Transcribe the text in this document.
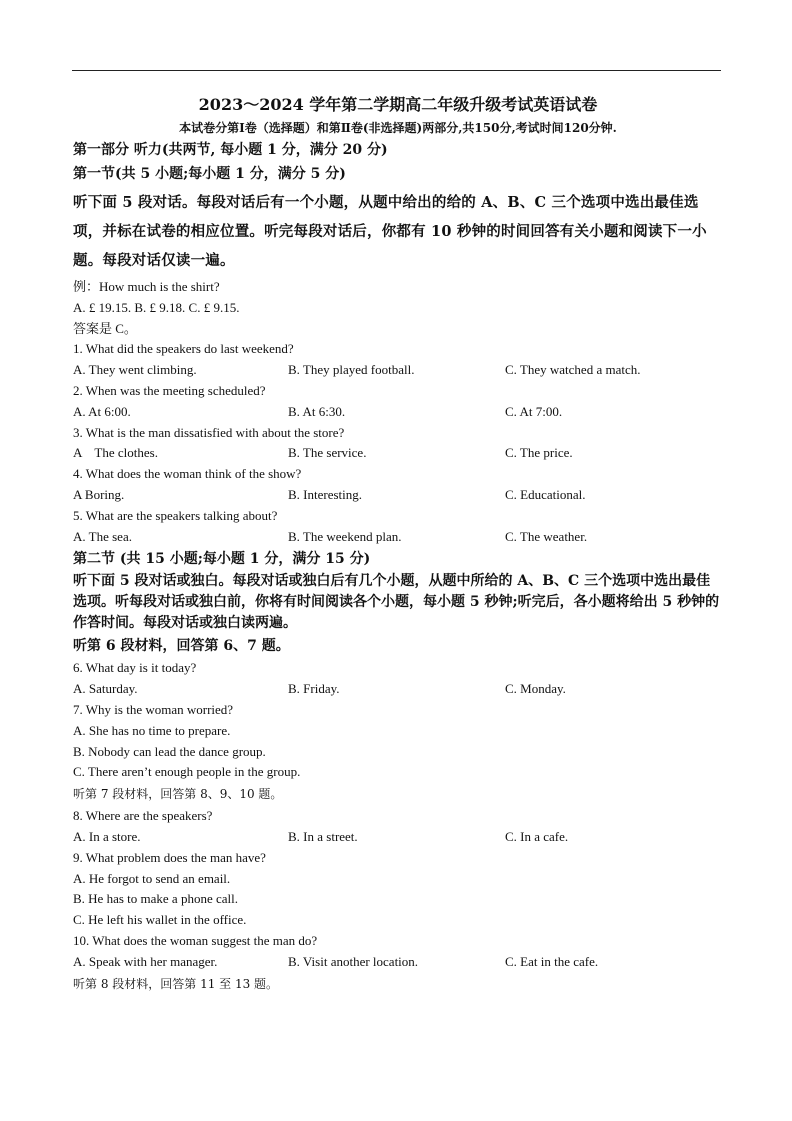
2023～2024 学年第二学期高二年级升级考试英语试卷

本试卷分第Ⅰ卷（选择题）和第Ⅱ卷(非选择题)两部分,共150分,考试时间120分钟.

第一部分 听力(共两节, 每小题 1 分，满分 20 分)

第一节(共 5 小题;每小题 1 分，满分 5 分)

听下面 5 段对话。每段对话后有一个小题，从题中给出的给的 A、B、C 三个选项中选出最佳选项，并标在试卷的相应位置。听完每段对话后，你都有 10 秒钟的时间回答有关小题和阅读下一小题。每段对话仅读一遍。

例：How much is the shirt?

A. £ 19.15. B. £ 9.18. C. £ 9.15.

答案是 C。

1. What did the speakers do last weekend?

A. They went climbing.	B. They played football.	C. They watched a match.

2. When was the meeting scheduled?

A. At 6:00.	B. At 6:30.	C. At 7:00.

3. What is the man dissatisfied with about the store?

A    The clothes.	B. The service.	C. The price.

4. What does the woman think of the show?

A Boring.	B. Interesting.	C. Educational.

5. What are the speakers talking about?

A. The sea.	B. The weekend plan.	C. The weather.

第二节 (共 15 小题;每小题 1 分，满分 15 分)

听下面 5 段对话或独白。每段对话或独白后有几个小题，从题中所给的 A、B、C 三个选项中选出最佳选项。听每段对话或独白前，你将有时间阅读各个小题，每小题 5 秒钟;听完后，各小题将给出 5 秒钟的作答时间。每段对话或独白读两遍。

听第 6 段材料，回答第 6、7 题。

6. What day is it today?

A. Saturday.	B. Friday.	C. Monday.

7. Why is the woman worried?

A. She has no time to prepare.

B. Nobody can lead the dance group.

C. There aren’t enough people in the group.

听第 7 段材料，回答第 8、9、10 题。

8. Where are the speakers?

A. In a store.	B. In a street.	C. In a cafe.

9. What problem does the man have?

A. He forgot to send an email.

B. He has to make a phone call.

C. He left his wallet in the office.

10. What does the woman suggest the man do?

A. Speak with her manager.	B. Visit another location.	C. Eat in the cafe.

听第 8 段材料，回答第 11 至 13 题。
